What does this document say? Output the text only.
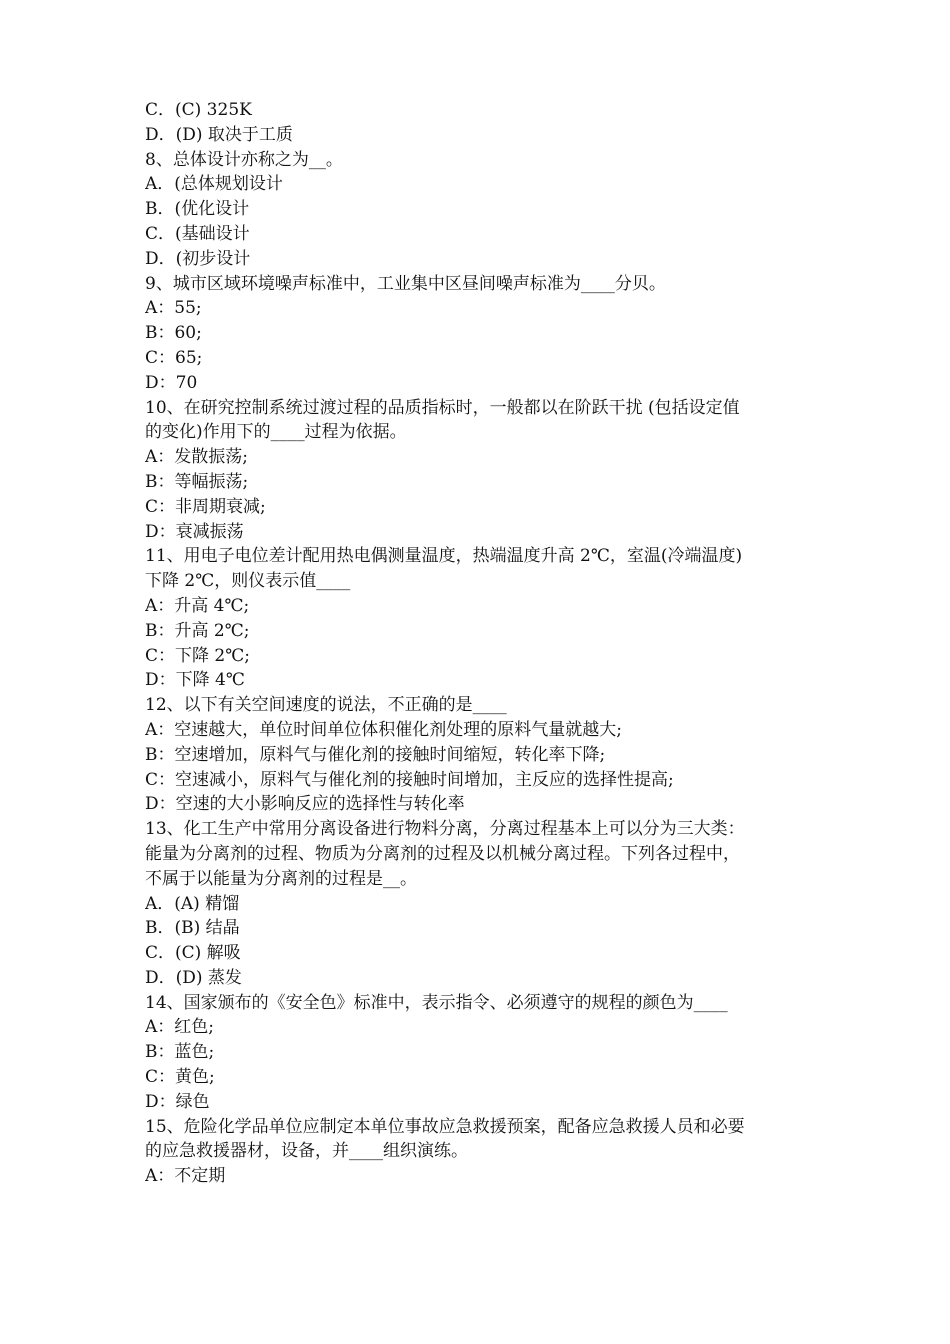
C．(C) 325K
D．(D) 取决于工质
8、总体设计亦称之为__。
A．(总体规划设计
B．(优化设计
C．(基础设计
D．(初步设计
9、城市区域环境噪声标准中，工业集中区昼间噪声标准为____分贝。
A：55;
B：60;
C：65;
D：70
10、在研究控制系统过渡过程的品质指标时，一般都以在阶跃干扰 (包括设定值
的变化)作用下的____过程为依据。
A：发散振荡;
B：等幅振荡;
C：非周期衰减;
D：衰减振荡
11、用电子电位差计配用热电偶测量温度，热端温度升高 2℃，室温(冷端温度)
下降 2℃，则仪表示值____
A：升高 4℃;
B：升高 2℃;
C：下降 2℃;
D：下降 4℃
12、以下有关空间速度的说法，不正确的是____
A：空速越大，单位时间单位体积催化剂处理的原料气量就越大;
B：空速增加，原料气与催化剂的接触时间缩短，转化率下降;
C：空速减小，原料气与催化剂的接触时间增加，主反应的选择性提高;
D：空速的大小影响反应的选择性与转化率
13、化工生产中常用分离设备进行物料分离，分离过程基本上可以分为三大类：
能量为分离剂的过程、物质为分离剂的过程及以机械分离过程。下列各过程中，
不属于以能量为分离剂的过程是__。
A．(A) 精馏
B．(B) 结晶
C．(C) 解吸
D．(D) 蒸发
14、国家颁布的《安全色》标准中，表示指令、必须遵守的规程的颜色为____
A：红色;
B：蓝色;
C：黄色;
D：绿色
15、危险化学品单位应制定本单位事故应急救援预案，配备应急救援人员和必要
的应急救援器材，设备，并____组织演练。
A：不定期
